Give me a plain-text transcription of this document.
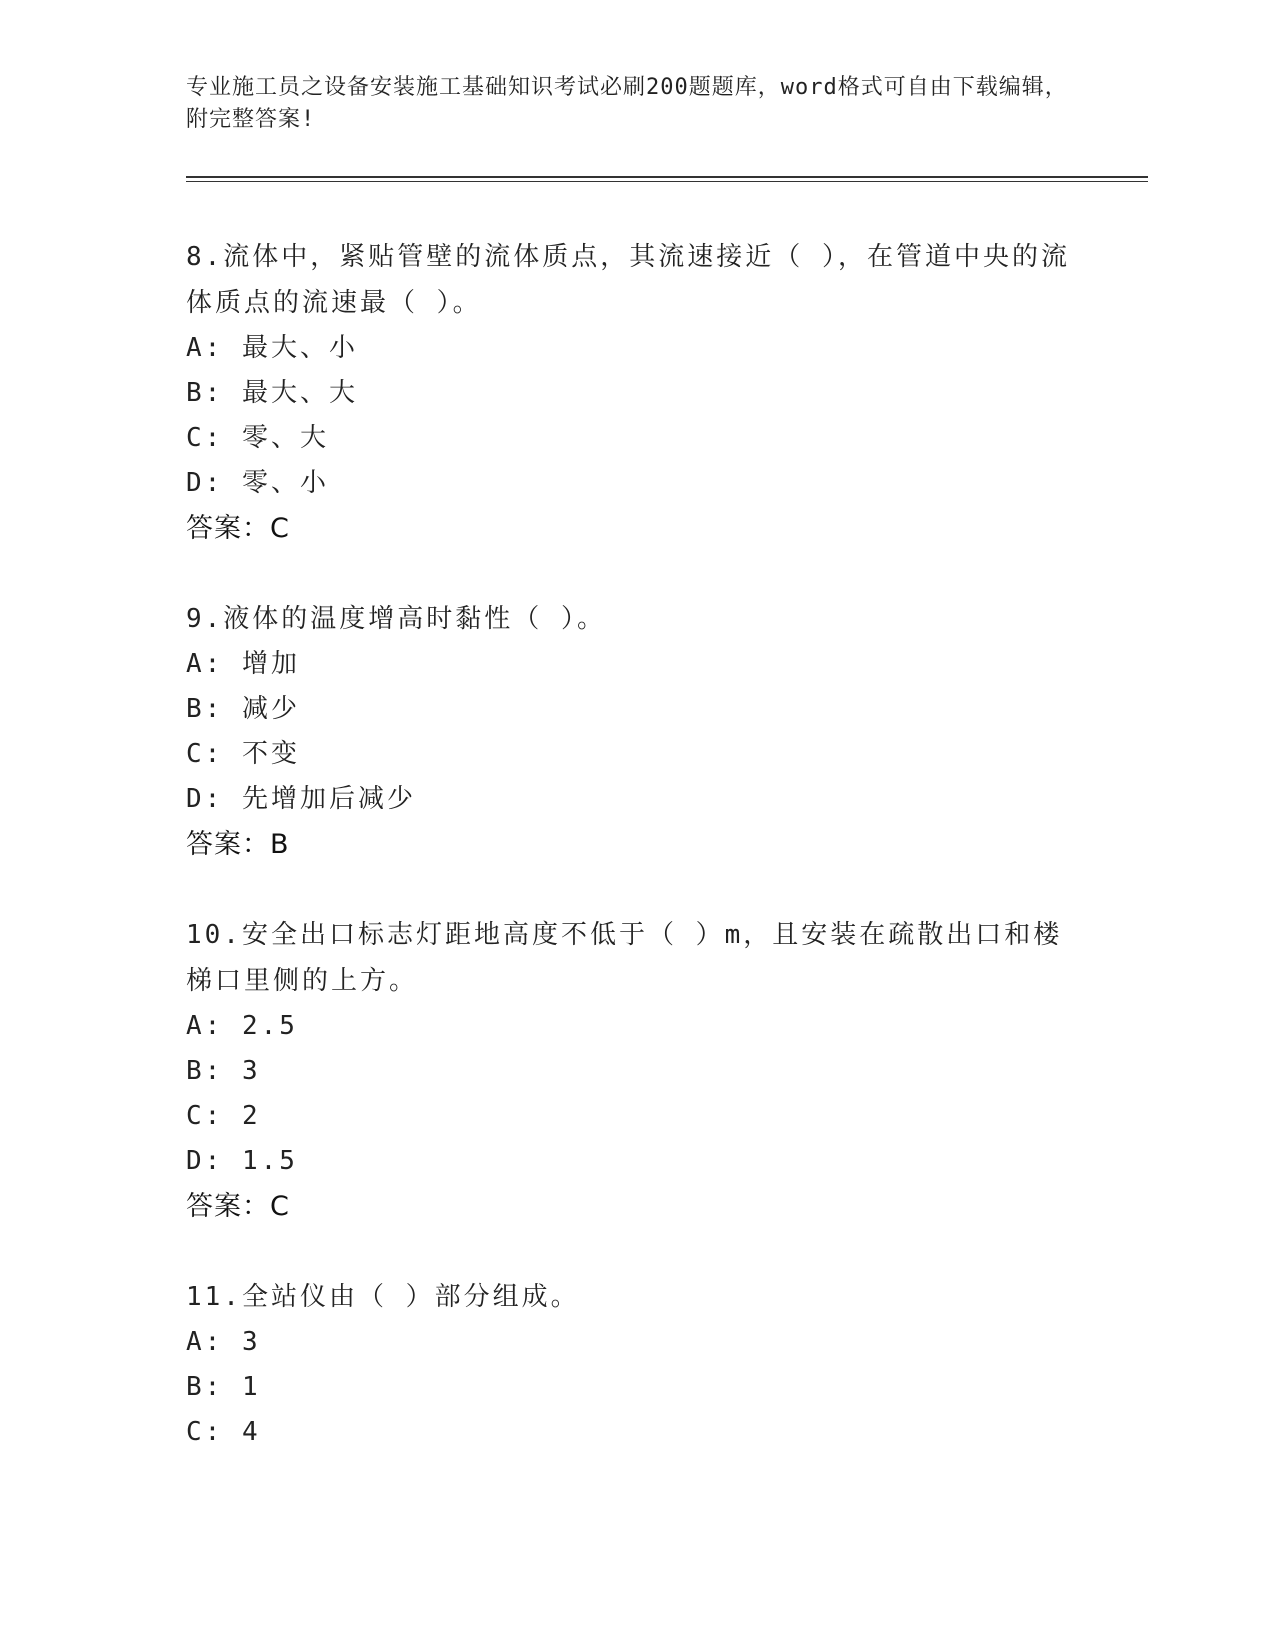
专业施工员之设备安装施工基础知识考试必刷200题题库，word格式可自由下载编辑，附完整答案!

8.流体中，紧贴管壁的流体质点，其流速接近（ ），在管道中央的流体质点的流速最（ ）。

A: 最大、小
B: 最大、大
C: 零、大
D: 零、小
答案：C

9.液体的温度增高时黏性（ ）。

A: 增加
B: 减少
C: 不变
D: 先增加后减少
答案：B

10.安全出口标志灯距地高度不低于（ ）m，且安装在疏散出口和楼梯口里侧的上方。

A: 2.5
B: 3
C: 2
D: 1.5
答案：C

11.全站仪由（ ）部分组成。

A: 3
B: 1
C: 4
